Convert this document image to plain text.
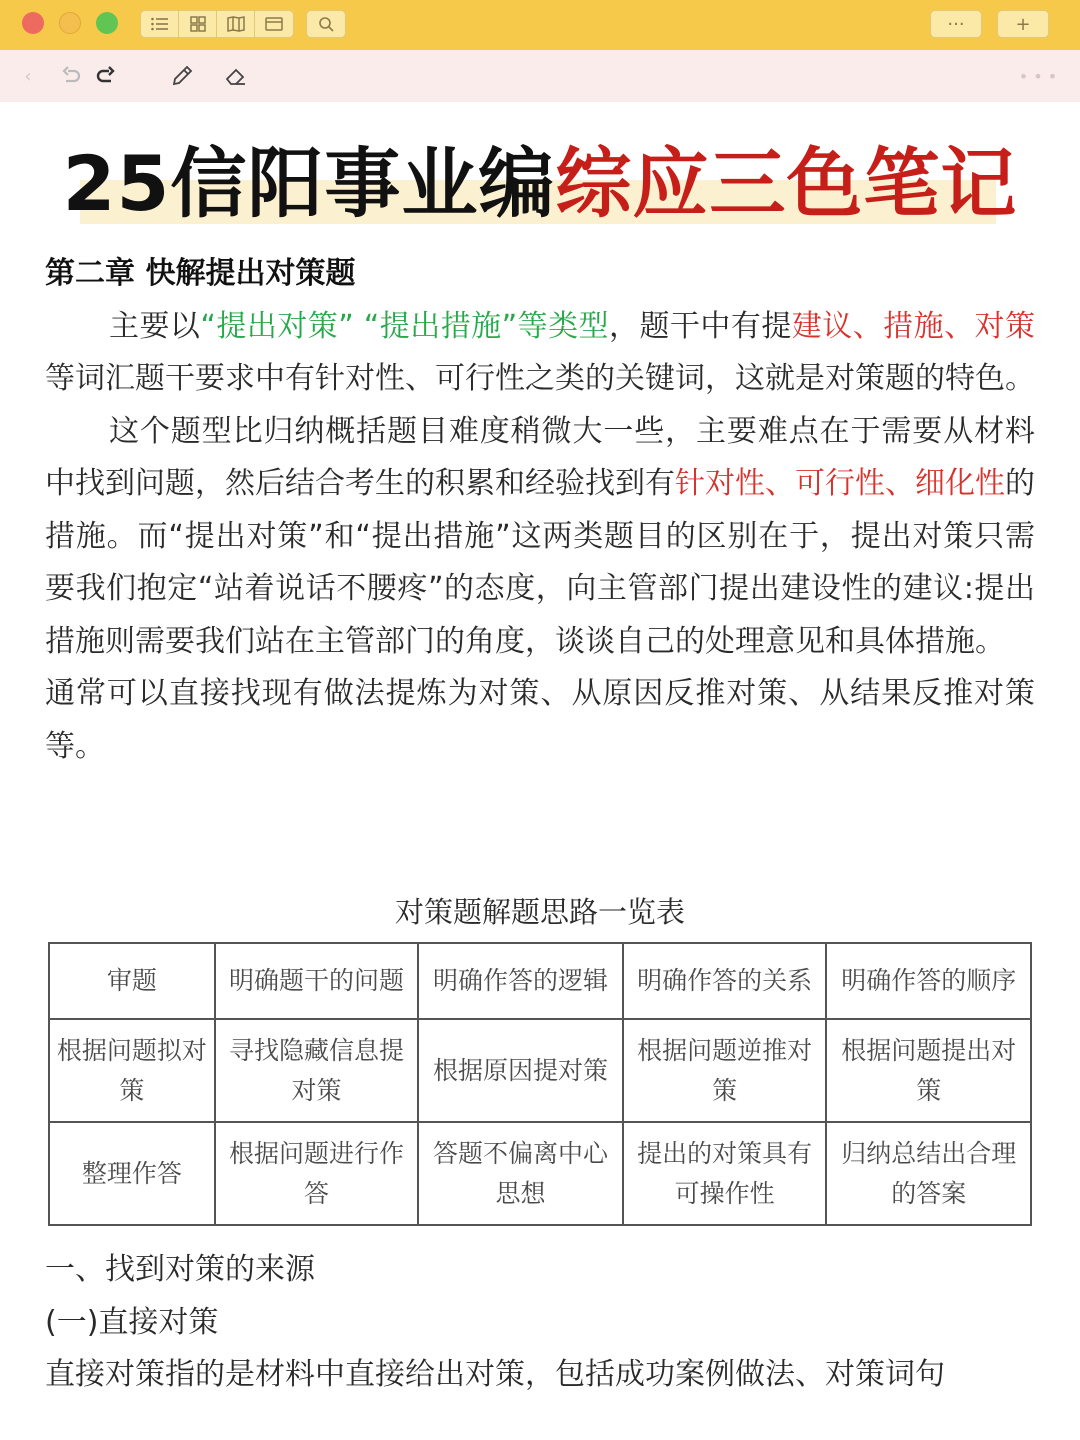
···	+
‹	• • •
25信阳事业编综应三色笔记
第二章 快解提出对策题

主要以“提出对策” “提出措施”等类型，题干中有提建议、措施、对策等词汇题干要求中有针对性、可行性之类的关键词，这就是对策题的特色。

这个题型比归纳概括题目难度稍微大一些，主要难点在于需要从材料中找到问题，然后结合考生的积累和经验找到有针对性、可行性、细化性的措施。而“提出对策”和“提出措施”这两类题目的区别在于，提出对策只需要我们抱定“站着说话不腰疼”的态度，向主管部门提出建设性的建议:提出措施则需要我们站在主管部门的角度，谈谈自己的处理意见和具体措施。

通常可以直接找现有做法提炼为对策、从原因反推对策、从结果反推对策等。

对策题解题思路一览表
审题	明确题干的问题	明确作答的逻辑	明确作答的关系	明确作答的顺序
根据问题拟对策	寻找隐藏信息提对策	根据原因提对策	根据问题逆推对策	根据问题提出对策
整理作答	根据问题进行作答	答题不偏离中心思想	提出的对策具有可操作性	归纳总结出合理的答案
一、找到对策的来源
(一)直接对策
直接对策指的是材料中直接给出对策，包括成功案例做法、对策词句
